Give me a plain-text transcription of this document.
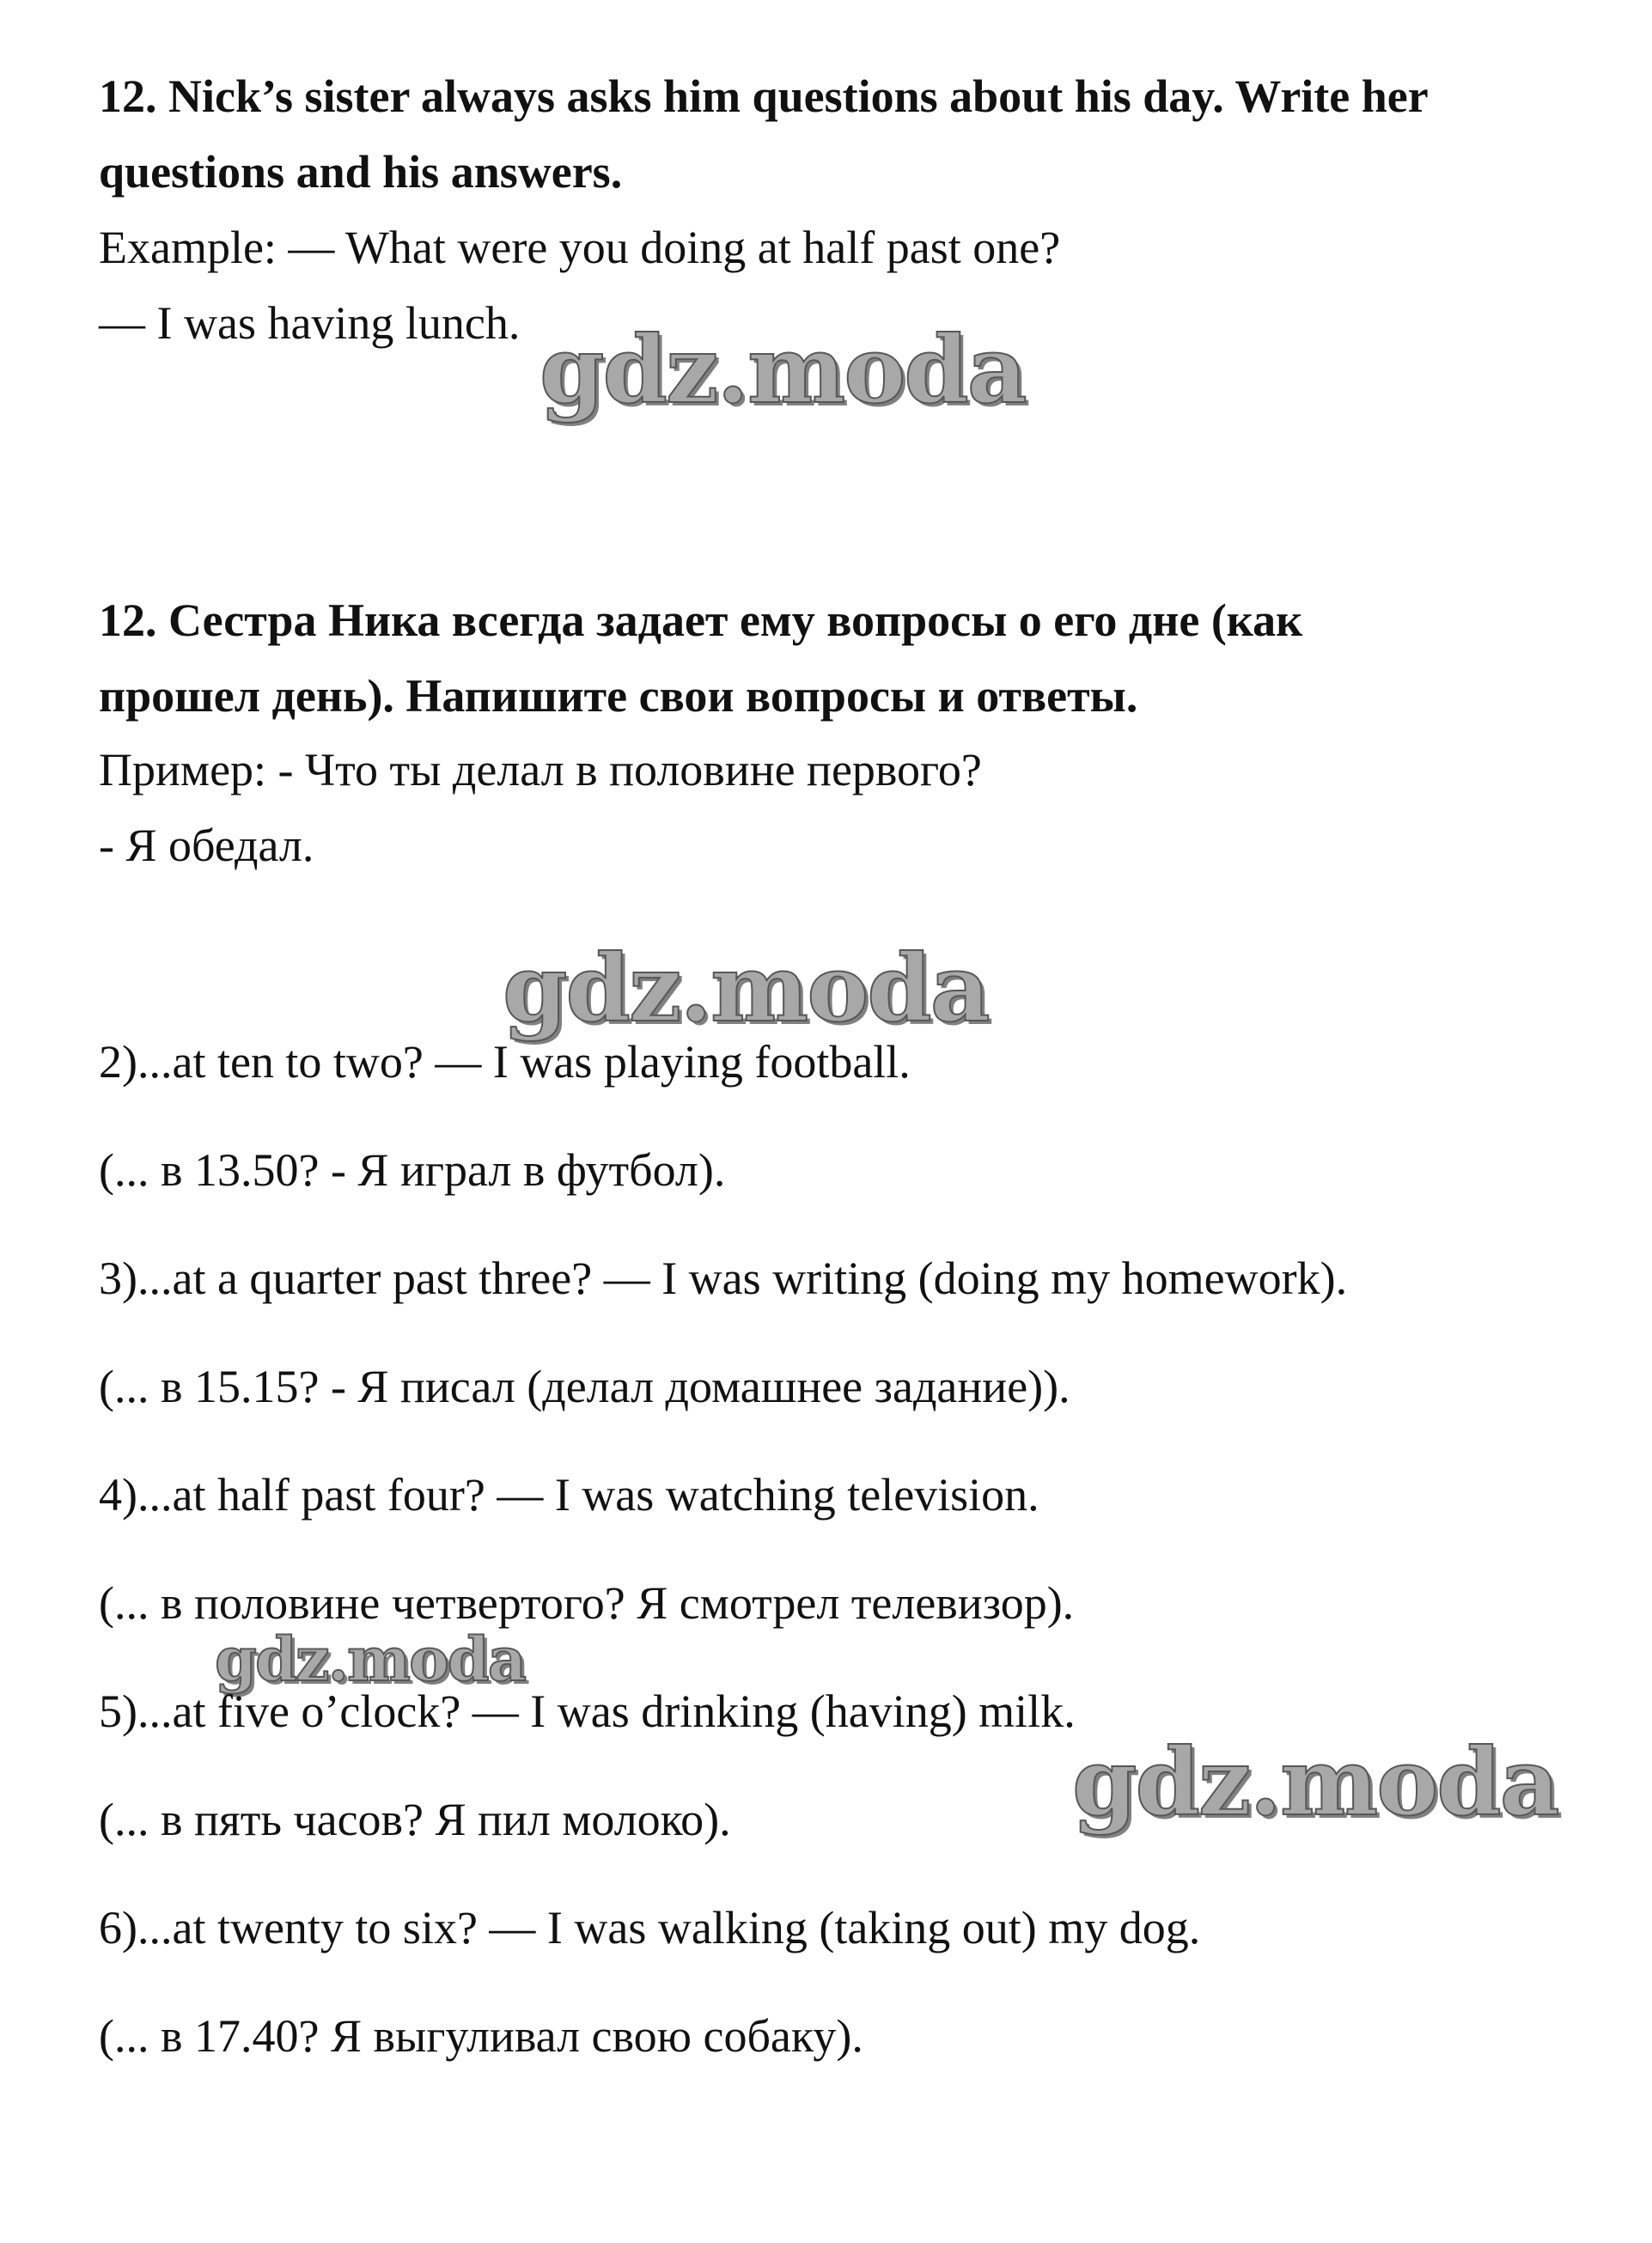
12. Nick’s sister always asks him questions about his day. Write her
questions and his answers.
Example: — What were you doing at half past one?
— I was having lunch. gdz.moda
12. Сестра Ника всегда задает ему вопросы о его дне (как
прошел день). Напишите свои вопросы и ответы.
Пример: - Что ты делал в половине первого?
- Я обедал.
gdz.moda
2)...at ten to two? — I was playing football.
(... в 13.50? - Я играл в футбол).
3)...at a quarter past three? — I was writing (doing my homework).
(... в 15.15? - Я писал (делал домашнее задание)).
4)...at half past four? — I was watching television.
(... в половине четвертого? Я смотрел телевизор).
gdz.moda
5)...at five o’clock? — I was drinking (having) milk.
(... в пять часов? Я пил молоко).	gdz.moda
6)...at twenty to six? — I was walking (taking out) my dog.
(... в 17.40? Я выгуливал свою собаку).
